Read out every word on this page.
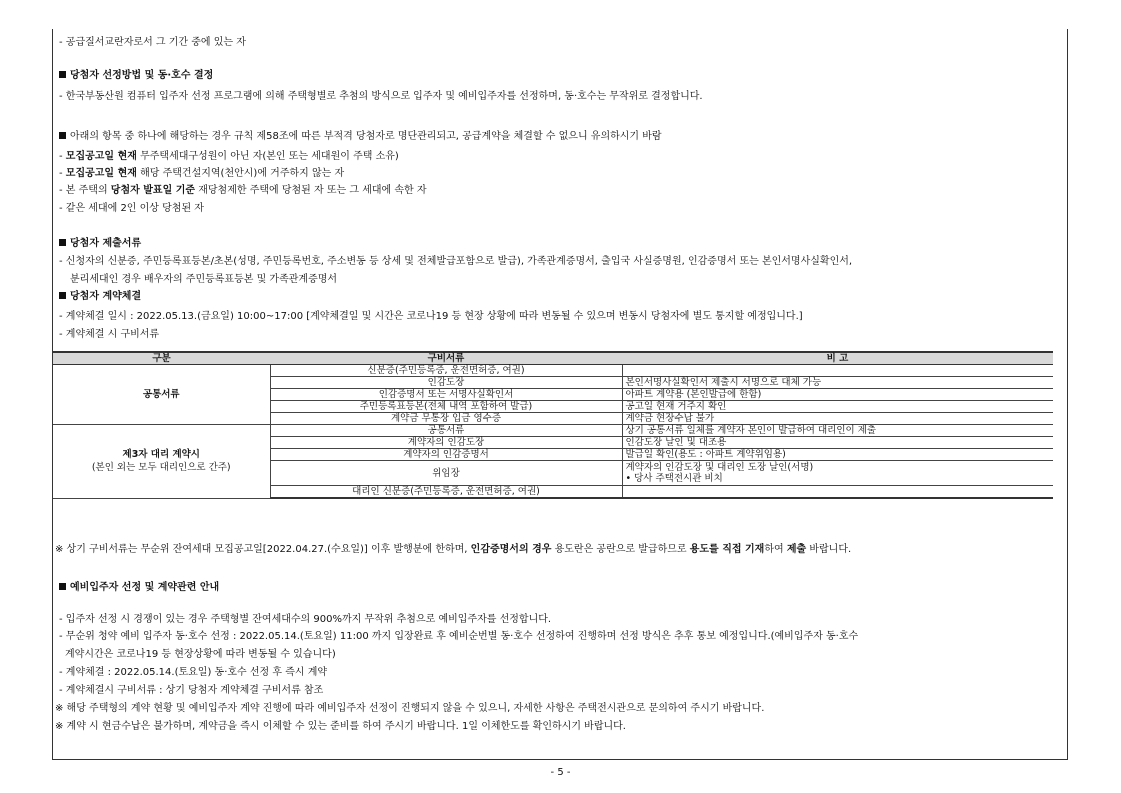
- 공급질서교란자로서 그 기간 중에 있는 자
당첨자 선정방법 및 동·호수 결정
- 한국부동산원 컴퓨터 입주자 선정 프로그램에 의해 주택형별로 추첨의 방식으로 입주자 및 예비입주자를 선정하며, 동·호수는 무작위로 결정합니다.
아래의 항목 중 하나에 해당하는 경우 규칙 제58조에 따른 부적격 당첨자로 명단관리되고, 공급계약을 체결할 수 없으니 유의하시기 바람
- 모집공고일 현재 무주택세대구성원이 아닌 자(본인 또는 세대원이 주택 소유)
- 모집공고일 현재 해당 주택건설지역(천안시)에 거주하지 않는 자
- 본 주택의 당첨자 발표일 기준 재당첨제한 주택에 당첨된 자 또는 그 세대에 속한 자
- 같은 세대에 2인 이상 당첨된 자
당첨자 제출서류
- 신청자의 신분증, 주민등록표등본/초본(성명, 주민등록번호, 주소변동 등 상세 및 전체발급포함으로 발급), 가족관계증명서, 출입국 사실증명원, 인감증명서 또는 본인서명사실확인서,
분리세대인 경우 배우자의 주민등록표등본 및 가족관계증명서
당첨자 계약체결
- 계약체결 일시 : 2022.05.13.(금요일) 10:00~17:00 [계약체결일 및 시간은 코로나19 등 현장 상황에 따라 변동될 수 있으며 변동시 당첨자에 별도 통지할 예정입니다.]
- 계약체결 시 구비서류
구분	구비서류	비 고
공통서류	신분증(주민등록증, 운전면허증, 여권)	
	인감도장	본인서명사실확인서 제출시 서명으로 대체 가능
	인감증명서 또는 서명사실확인서	아파트 계약용 (본인발급에 한함)
	주민등록표등본(전체 내역 포함하여 발급)	공고일 현재 거주지 확인
	계약금 무통장 입금 영수증	계약금 현장수납 불가

제3자 대리 계약시
(본인 외는 모두 대리인으로 간주)	공통서류	상기 공통서류 일체를 계약자 본인이 발급하여 대리인이 제출
	계약자의 인감도장	인감도장 날인 및 대조용
	계약자의 인감증명서	발급일 확인(용도 : 아파트 계약위임용)
	위임장	계약자의 인감도장 및 대리인 도장 날인(서명)
• 당사 주택전시관 비치

	대리인 신분증(주민등록증, 운전면허증, 여권)	
※ 상기 구비서류는 무순위 잔여세대 모집공고일[2022.04.27.(수요일)] 이후 발행분에 한하며, 인감증명서의 경우 용도란은 공란으로 발급하므로 용도를 직접 기재하여 제출 바랍니다.
예비입주자 선정 및 계약관련 안내
- 입주자 선정 시 경쟁이 있는 경우 주택형별 잔여세대수의 900%까지 무작위 추첨으로 예비입주자를 선정합니다.
- 무순위 청약 예비 입주자 동·호수 선정 : 2022.05.14.(토요일) 11:00 까지 입장완료 후 예비순번별 동·호수 선정하여 진행하며 선정 방식은 추후 통보 예정입니다.(예비입주자 동·호수
계약시간은 코로나19 등 현장상황에 따라 변동될 수 있습니다)
- 계약체결 : 2022.05.14.(토요일) 동·호수 선정 후 즉시 계약
- 계약체결시 구비서류 : 상기 당첨자 계약체결 구비서류 참조
※ 해당 주택형의 계약 현황 및 예비입주자 계약 진행에 따라 예비입주자 선정이 진행되지 않을 수 있으니, 자세한 사항은 주택전시관으로 문의하여 주시기 바랍니다.
※ 계약 시 현금수납은 불가하며, 계약금을 즉시 이체할 수 있는 준비를 하여 주시기 바랍니다. 1일 이체한도를 확인하시기 바랍니다.
- 5 -
